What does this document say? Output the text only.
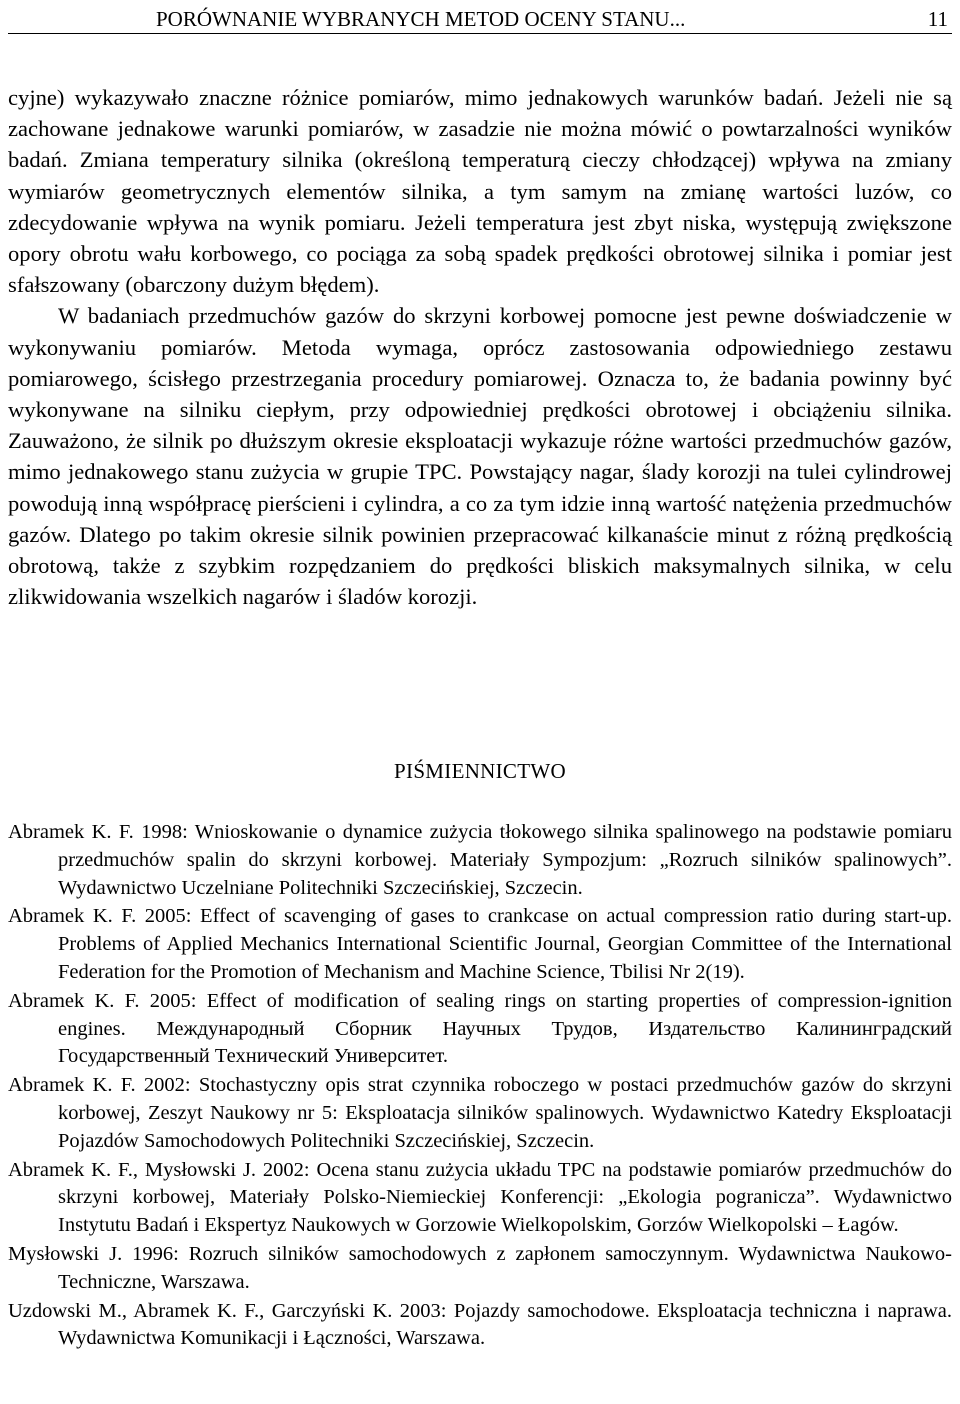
PORÓWNANIE WYBRANYCH METOD OCENY STANU...	11

cyjne) wykazywało znaczne różnice pomiarów, mimo jednakowych warunków badań. Jeżeli nie są zachowane jednakowe warunki pomiarów, w zasadzie nie można mówić o powtarzalności wyników badań. Zmiana temperatury silnika (określoną temperaturą cieczy chłodzącej) wpływa na zmiany wymiarów geometrycznych elementów silnika, a tym samym na zmianę wartości luzów, co zdecydowanie wpływa na wynik pomiaru. Jeżeli temperatura jest zbyt niska, występują zwiększone opory obrotu wału korbowego, co pociąga za sobą spadek prędkości obrotowej silnika i pomiar jest sfałszowany (obarczony dużym błędem).

W badaniach przedmuchów gazów do skrzyni korbowej pomocne jest pewne doświadczenie w wykonywaniu pomiarów. Metoda wymaga, oprócz zastosowania odpowiedniego zestawu pomiarowego, ścisłego przestrzegania procedury pomiarowej. Oznacza to, że badania powinny być wykonywane na silniku ciepłym, przy odpowiedniej prędkości obrotowej i obciążeniu silnika. Zauważono, że silnik po dłuższym okresie eksploatacji wykazuje różne wartości przedmuchów gazów, mimo jednakowego stanu zużycia w grupie TPC. Powstający nagar, ślady korozji na tulei cylindrowej powodują inną współpracę pierścieni i cylindra, a co za tym idzie inną wartość natężenia przedmuchów gazów. Dlatego po takim okresie silnik powinien przepracować kilkanaście minut z różną prędkością obrotową, także z szybkim rozpędzaniem do prędkości bliskich maksymalnych silnika, w celu zlikwidowania wszelkich nagarów i śladów korozji.

PIŚMIENNICTWO
Abramek K. F. 1998: Wnioskowanie o dynamice zużycia tłokowego silnika spalinowego na podstawie pomiaru przedmuchów spalin do skrzyni korbowej. Materiały Sympozjum: „Rozruch silników spalinowych”. Wydawnictwo Uczelniane Politechniki Szczecińskiej, Szczecin.
Abramek K. F. 2005: Effect of scavenging of gases to crankcase on actual compression ratio during start-up. Problems of Applied Mechanics International Scientific Journal, Georgian Committee of the International Federation for the Promotion of Mechanism and Machine Science, Tbilisi Nr 2(19).
Abramek K. F. 2005: Effect of modification of sealing rings on starting properties of compression-ignition engines. Международный Сборник Научных Трудов, Издательство Калининградский Государственный Технический Университет.
Abramek K. F. 2002: Stochastyczny opis strat czynnika roboczego w postaci przedmuchów gazów do skrzyni korbowej, Zeszyt Naukowy nr 5: Eksploatacja silników spalinowych. Wydawnictwo Katedry Eksploatacji Pojazdów Samochodowych Politechniki Szczecińskiej, Szczecin.
Abramek K. F., Mysłowski J. 2002: Ocena stanu zużycia układu TPC na podstawie pomiarów przedmuchów do skrzyni korbowej, Materiały Polsko-Niemieckiej Konferencji: „Ekologia pogranicza”. Wydawnictwo Instytutu Badań i Ekspertyz Naukowych w Gorzowie Wielkopolskim, Gorzów Wielkopolski – Łagów.
Mysłowski J. 1996: Rozruch silników samochodowych z zapłonem samoczynnym. Wydawnictwa Naukowo-Techniczne, Warszawa.
Uzdowski M., Abramek K. F., Garczyński K. 2003: Pojazdy samochodowe. Eksploatacja techniczna i naprawa. Wydawnictwa Komunikacji i Łączności, Warszawa.
